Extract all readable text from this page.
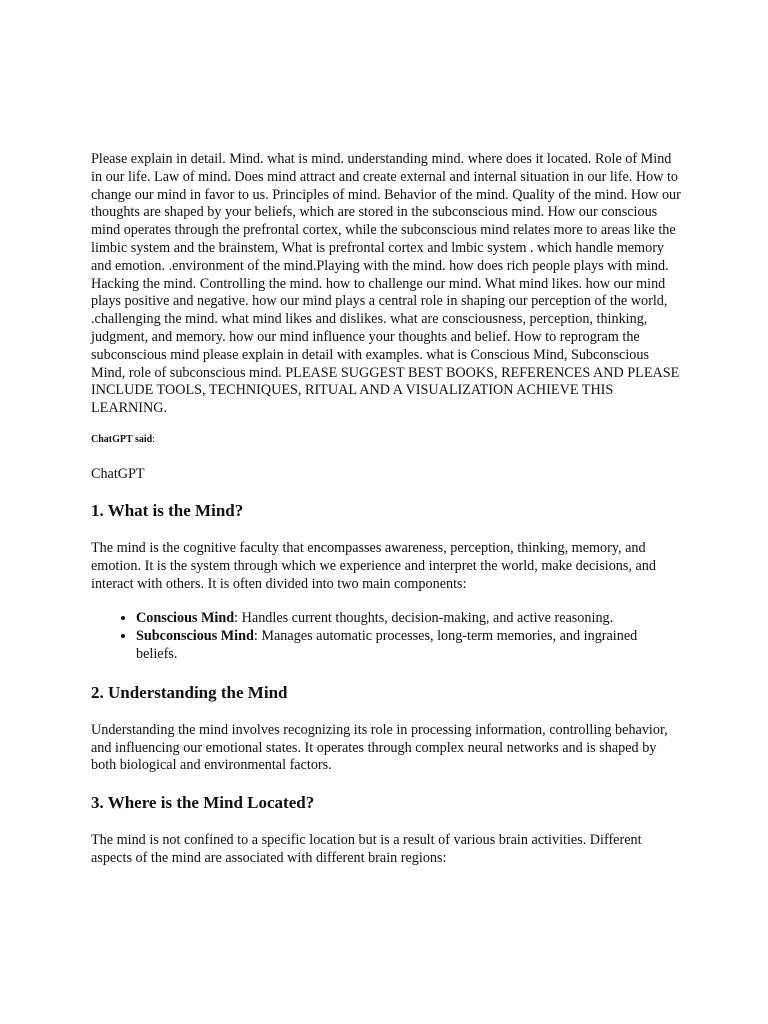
Please explain in detail. Mind. what is mind. understanding mind. where does it located. Role of Mind in our life. Law of mind. Does mind attract and create external and internal situation in our life. How to change our mind in favor to us. Principles of mind. Behavior of the mind. Quality of the mind. How our thoughts are shaped by your beliefs, which are stored in the subconscious mind. How our conscious mind operates through the prefrontal cortex, while the subconscious mind relates more to areas like the limbic system and the brainstem, What is prefrontal cortex and lmbic system . which handle memory and emotion. .environment of the mind.Playing with the mind. how does rich people plays with mind. Hacking the mind. Controlling the mind. how to challenge our mind. What mind likes. how our mind plays positive and negative. how our mind plays a central role in shaping our perception of the world, .challenging the mind. what mind likes and dislikes. what are consciousness, perception, thinking, judgment, and memory. how our mind influence your thoughts and belief. How to reprogram the subconscious mind please explain in detail with examples. what is Conscious Mind, Subconscious Mind, role of subconscious mind. PLEASE SUGGEST BEST BOOKS, REFERENCES AND PLEASE INCLUDE TOOLS, TECHNIQUES, RITUAL AND A VISUALIZATION ACHIEVE THIS LEARNING.

ChatGPT said:

ChatGPT

1. What is the Mind?

The mind is the cognitive faculty that encompasses awareness, perception, thinking, memory, and emotion. It is the system through which we experience and interpret the world, make decisions, and interact with others. It is often divided into two main components:

• Conscious Mind: Handles current thoughts, decision-making, and active reasoning.
• Subconscious Mind: Manages automatic processes, long-term memories, and ingrained beliefs.
2. Understanding the Mind

Understanding the mind involves recognizing its role in processing information, controlling behavior, and influencing our emotional states. It operates through complex neural networks and is shaped by both biological and environmental factors.

3. Where is the Mind Located?

The mind is not confined to a specific location but is a result of various brain activities. Different aspects of the mind are associated with different brain regions:
